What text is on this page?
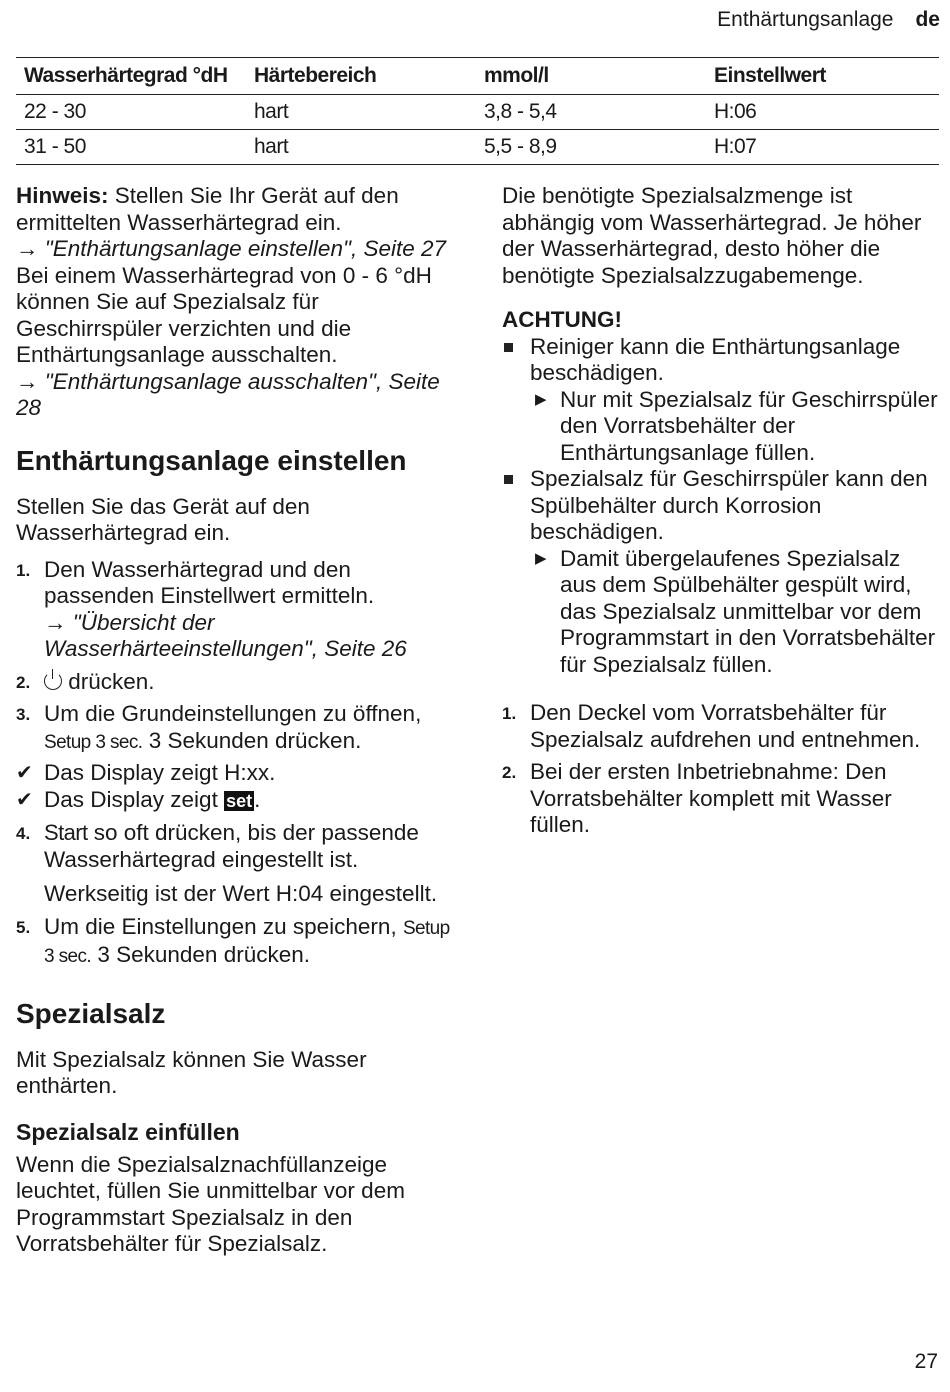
Enthärtungsanlage de
Wasserhärtegrad °dH	Härtebereich	mmol/l	Einstellwert
22 - 30	hart	3,8 - 5,4	H:06
31 - 50	hart	5,5 - 8,9	H:07

Hinweis: Stellen Sie Ihr Gerät auf den ermittelten Wasserhärtegrad ein.

→ "Enthärtungsanlage einstellen", Seite 27

Bei einem Wasserhärtegrad von 0 - 6 °dH können Sie auf Spezialsalz für Geschirrspüler verzichten und die Enthärtungsanlage ausschalten.

→ "Enthärtungsanlage ausschalten", Seite 28

Enthärtungsanlage einstellen

Stellen Sie das Gerät auf den Wasserhärtegrad ein.

1. Den Wasserhärtegrad und den passenden Einstellwert ermitteln.
→ "Übersicht der Wasserhärteeinstellungen", Seite 26
2. drücken.
3. Um die Grundeinstellungen zu öffnen, Setup 3 sec. 3 Sekunden drücken.
✔ Das Display zeigt H:xx.
✔ Das Display zeigt set.
4. Start so oft drücken, bis der passende Wasserhärtegrad eingestellt ist.
Werkseitig ist der Wert H:04 eingestellt.
5. Um die Einstellungen zu speichern, Setup 3 sec. 3 Sekunden drücken.
Spezialsalz

Mit Spezialsalz können Sie Wasser enthärten.

Spezialsalz einfüllen

Wenn die Spezialsalznachfüllanzeige leuchtet, füllen Sie unmittelbar vor dem Programmstart Spezialsalz in den Vorratsbehälter für Spezialsalz.

Die benötigte Spezialsalzmenge ist abhängig vom Wasserhärtegrad. Je höher der Wasserhärtegrad, desto höher die benötigte Spezialsalzzugabemenge.

ACHTUNG!

Reiniger kann die Enthärtungsanlage beschädigen.
▶ Nur mit Spezialsalz für Geschirrspüler den Vorratsbehälter der Enthärtungsanlage füllen.
Spezialsalz für Geschirrspüler kann den Spülbehälter durch Korrosion beschädigen.
▶ Damit übergelaufenes Spezialsalz aus dem Spülbehälter gespült wird, das Spezialsalz unmittelbar vor dem Programmstart in den Vorratsbehälter für Spezialsalz füllen.
1. Den Deckel vom Vorratsbehälter für Spezialsalz aufdrehen und entnehmen.
2. Bei der ersten Inbetriebnahme: Den Vorratsbehälter komplett mit Wasser füllen.
27
